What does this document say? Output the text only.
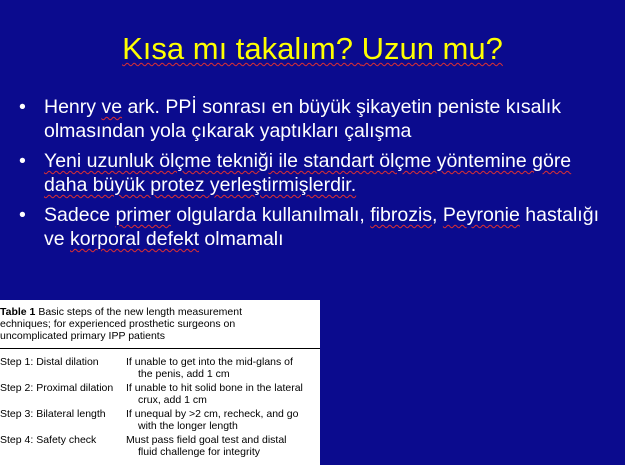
Kısa mı takalım? Uzun mu?
• Henry ve ark. PPİ sonrası en büyük şikayetin peniste kısalık olmasından yola çıkarak yaptıkları çalışma
• Yeni uzunluk ölçme tekniği ile standart ölçme yöntemine göre daha büyük protez yerleştirmişlerdir.
• Sadece primer olgularda kullanılmalı, fibrozis, Peyronie hastalığı ve korporal defekt olmamalı
Table 1 Basic steps of the new length measurement
echniques; for experienced prosthetic surgeons on
uncomplicated primary IPP patients
Step 1: Distal dilation	If unable to get into the mid-glans of
the penis, add 1 cm
Step 2: Proximal dilation	If unable to hit solid bone in the lateral
crux, add 1 cm
Step 3: Bilateral length	If unequal by >2 cm, recheck, and go
with the longer length
Step 4: Safety check	Must pass field goal test and distal
fluid challenge for integrity
